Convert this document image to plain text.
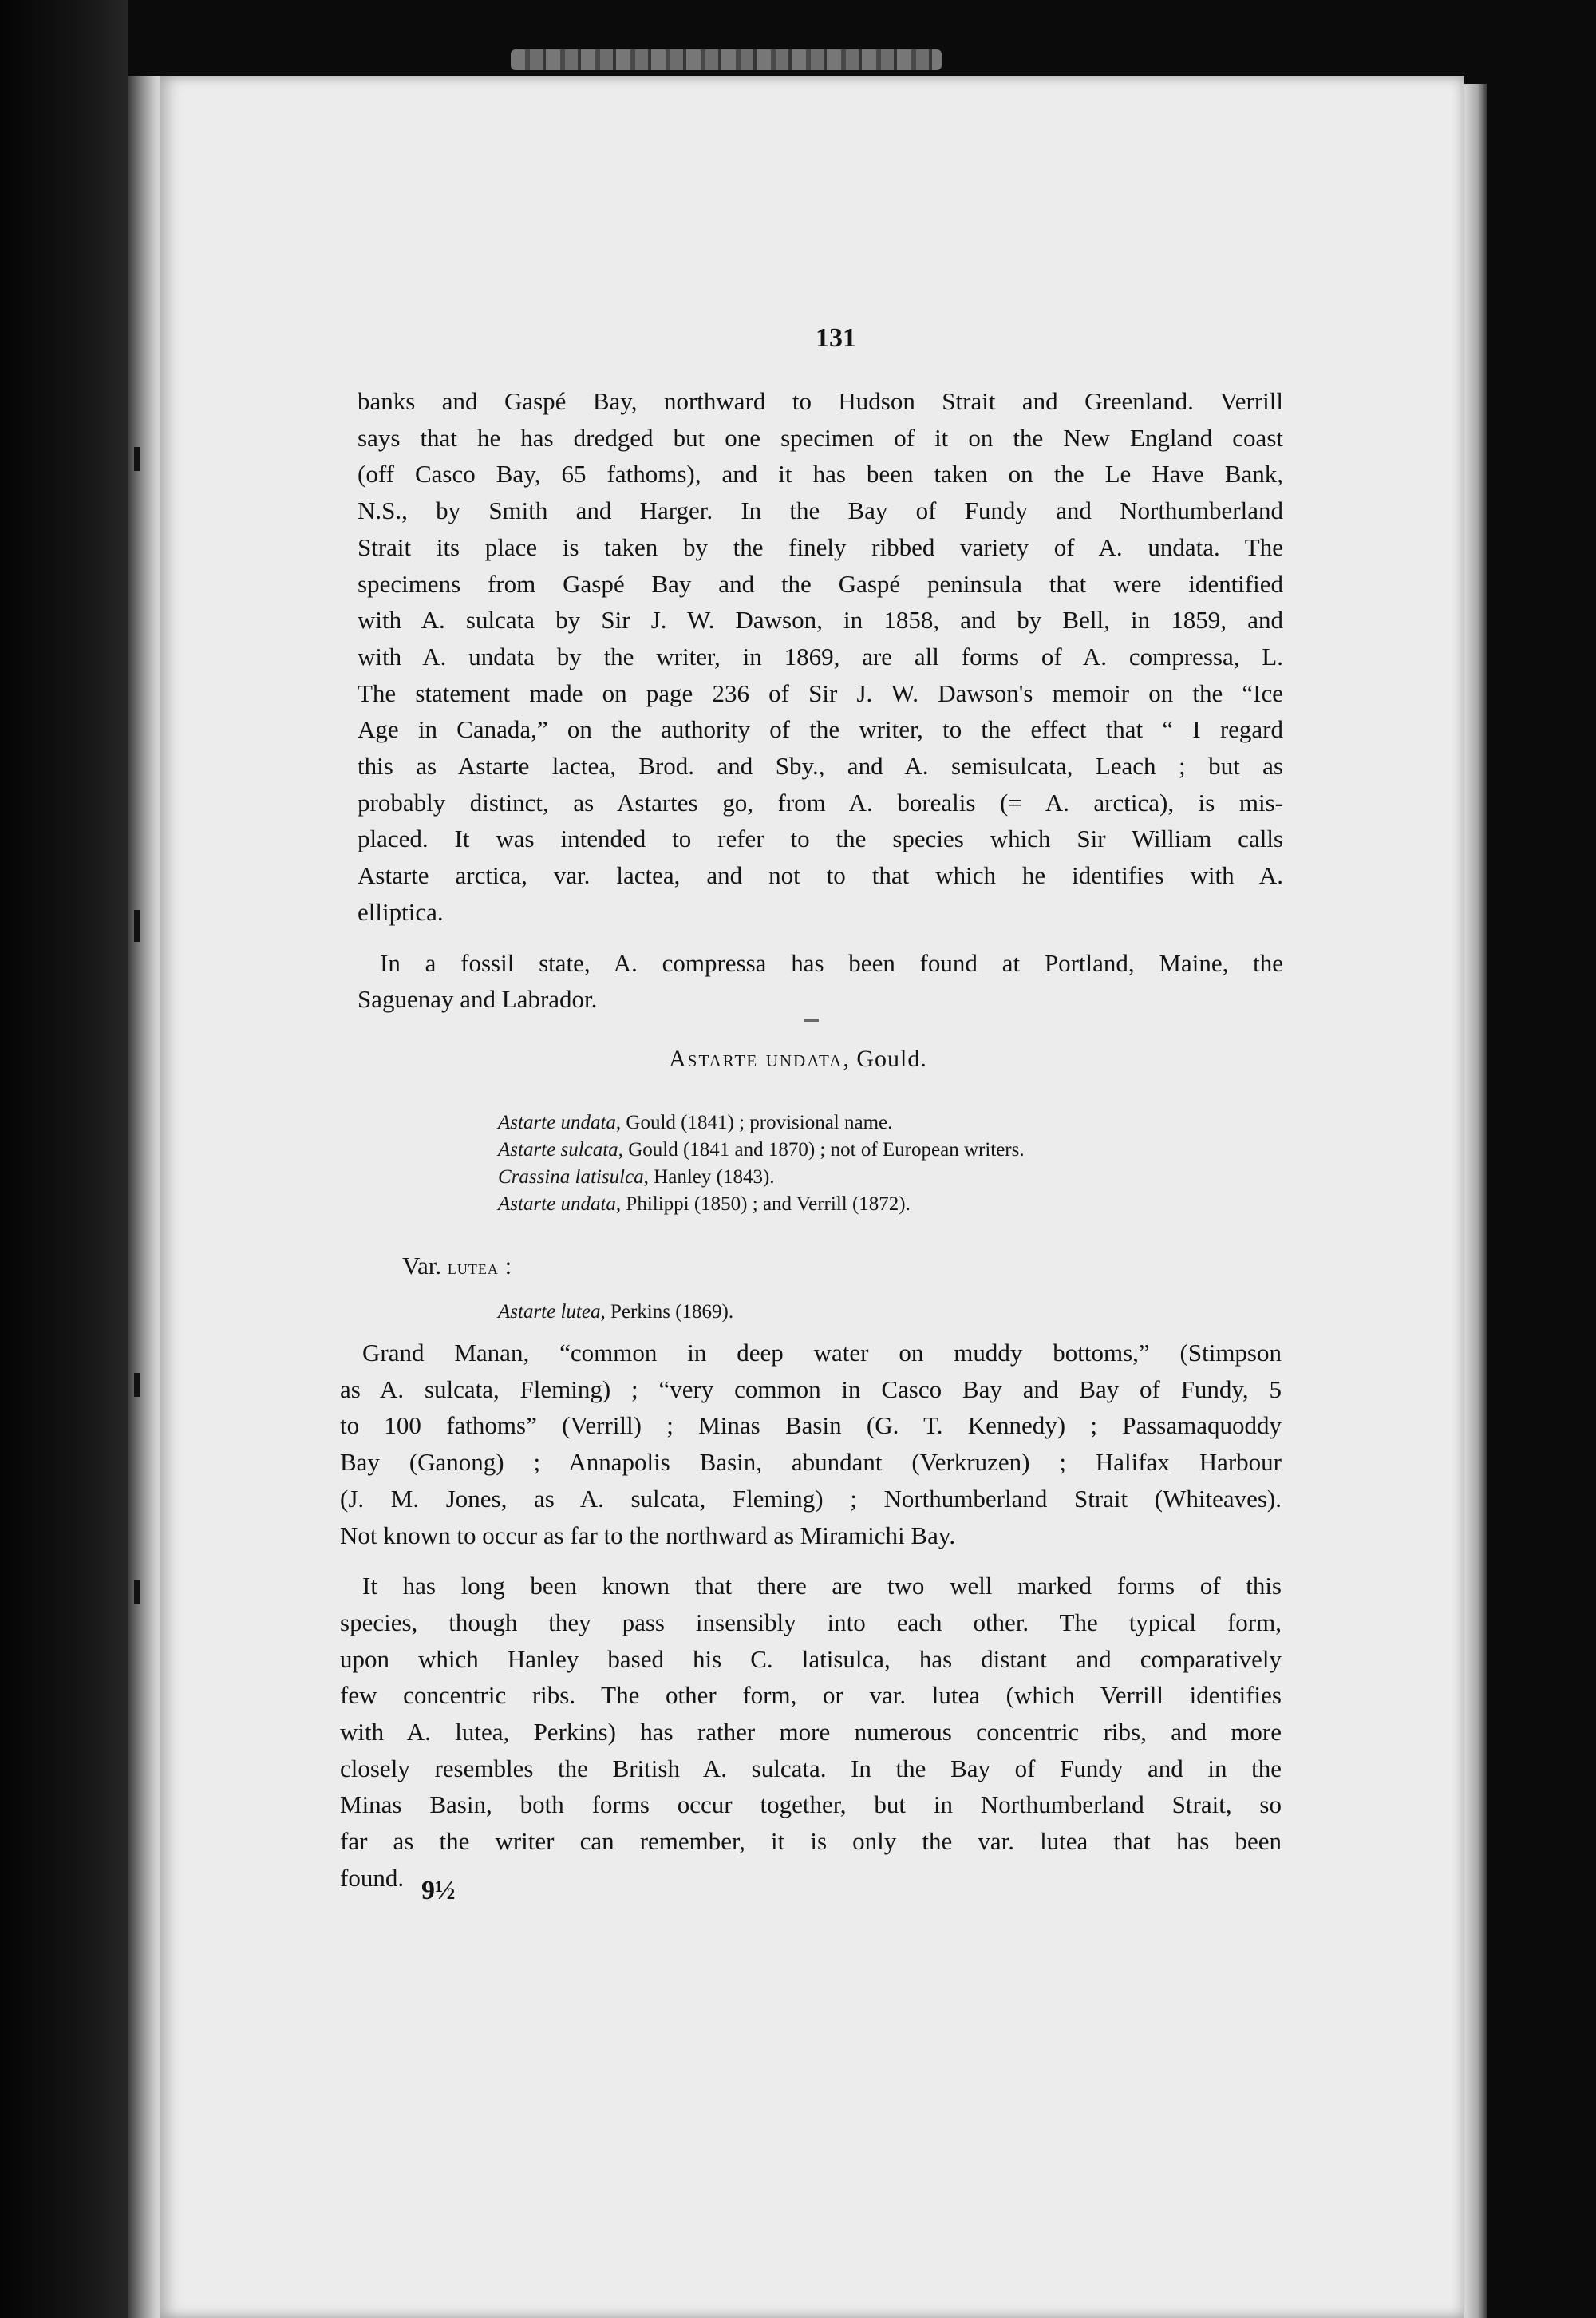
131
banks and Gaspé Bay, northward to Hudson Strait and Greenland. Verrill
says that he has dredged but one specimen of it on the New England coast
(off Casco Bay, 65 fathoms), and it has been taken on the Le Have Bank,
N.S., by Smith and Harger. In the Bay of Fundy and Northumberland
Strait its place is taken by the finely ribbed variety of A. undata. The
specimens from Gaspé Bay and the Gaspé peninsula that were identified
with A. sulcata by Sir J. W. Dawson, in 1858, and by Bell, in 1859, and
with A. undata by the writer, in 1869, are all forms of A. compressa, L.
The statement made on page 236 of Sir J. W. Dawson's memoir on the “Ice
Age in Canada,” on the authority of the writer, to the effect that “ I regard
this as Astarte lactea, Brod. and Sby., and A. semisulcata, Leach ; but as
probably distinct, as Astartes go, from A. borealis (= A. arctica), is mis-
placed. It was intended to refer to the species which Sir William calls
Astarte arctica, var. lactea, and not to that which he identifies with A.
elliptica.
In a fossil state, A. compressa has been found at Portland, Maine, the
Saguenay and Labrador.
Astarte undata, Gould.
Astarte undata, Gould (1841) ; provisional name.
Astarte sulcata, Gould (1841 and 1870) ; not of European writers.
Crassina latisulca, Hanley (1843).
Astarte undata, Philippi (1850) ; and Verrill (1872).
Var. lutea :
Astarte lutea, Perkins (1869).
Grand Manan, “common in deep water on muddy bottoms,” (Stimpson
as A. sulcata, Fleming) ; “very common in Casco Bay and Bay of Fundy, 5
to 100 fathoms” (Verrill) ; Minas Basin (G. T. Kennedy) ; Passamaquoddy
Bay (Ganong) ; Annapolis Basin, abundant (Verkruzen) ; Halifax Harbour
(J. M. Jones, as A. sulcata, Fleming) ; Northumberland Strait (Whiteaves).
Not known to occur as far to the northward as Miramichi Bay.
It has long been known that there are two well marked forms of this
species, though they pass insensibly into each other. The typical form,
upon which Hanley based his C. latisulca, has distant and comparatively
few concentric ribs. The other form, or var. lutea (which Verrill identifies
with A. lutea, Perkins) has rather more numerous concentric ribs, and more
closely resembles the British A. sulcata. In the Bay of Fundy and in the
Minas Basin, both forms occur together, but in Northumberland Strait, so
far as the writer can remember, it is only the var. lutea that has been
found. 9½
